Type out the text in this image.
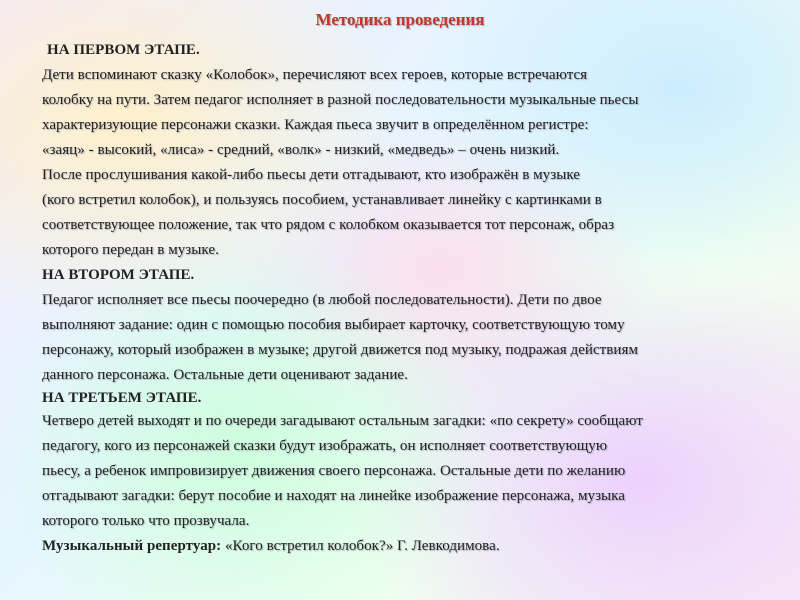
Методика проведения
НА ПЕРВОМ ЭТАПЕ.
Дети вспоминают сказку «Колобок», перечисляют всех героев, которые встречаются
колобку на пути. Затем педагог исполняет в разной последовательности музыкальные пьесы
характеризующие персонажи сказки. Каждая пьеса звучит в определённом регистре:
«заяц» - высокий, «лиса» - средний, «волк» - низкий, «медведь» – очень низкий.
После прослушивания какой-либо пьесы дети отгадывают, кто изображён в музыке
(кого встретил колобок), и пользуясь пособием, устанавливает линейку с картинками в
соответствующее положение, так что рядом с колобком оказывается тот персонаж, образ
которого передан в музыке.
НА ВТОРОМ ЭТАПЕ.
Педагог исполняет все пьесы поочередно (в любой последовательности). Дети по двое
выполняют задание: один с помощью пособия выбирает карточку, соответствующую тому
персонажу, который изображен в музыке; другой движется под музыку, подражая действиям
данного персонажа. Остальные дети оценивают задание.
НА ТРЕТЬЕМ ЭТАПЕ.
Четверо детей выходят и по очереди загадывают остальным загадки: «по секрету» сообщают
педагогу, кого из персонажей сказки будут изображать, он исполняет соответствующую
пьесу, а ребенок импровизирует движения своего персонажа. Остальные дети по желанию
отгадывают загадки: берут пособие и находят на линейке изображение персонажа, музыка
которого только что прозвучала.
Музыкальный репертуар: «Кого встретил колобок?» Г. Левкодимова.
